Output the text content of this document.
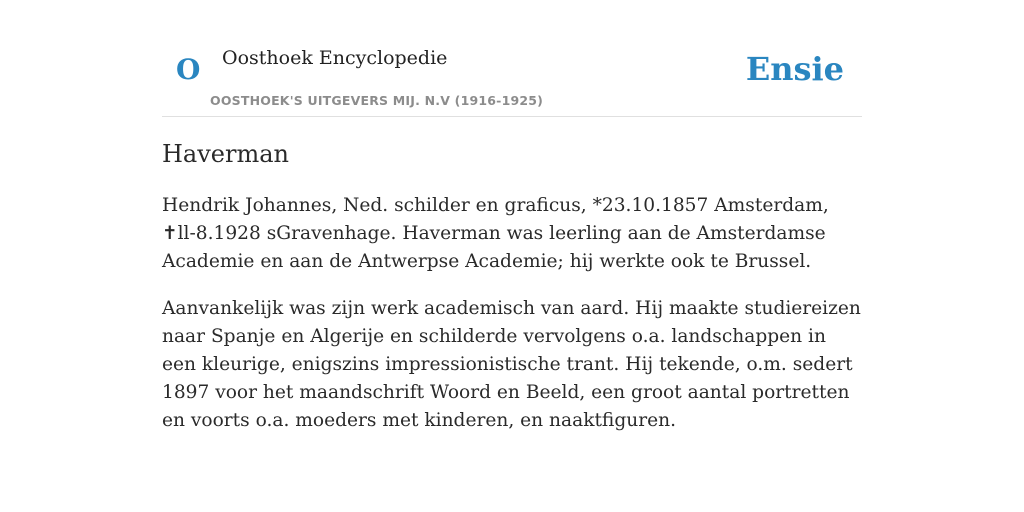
O Oosthoek Encyclopedie
OOSTHOEK'S UITGEVERS MIJ. N.V (1916-1925)
Ensie
Haverman

Hendrik Johannes, Ned. schilder en graficus, *23.10.1857 Amsterdam, ✝ll-8.1928 sGravenhage. Haverman was leerling aan de Amsterdamse Academie en aan de Antwerpse Academie; hij werkte ook te Brussel.

Aanvankelijk was zijn werk academisch van aard. Hij maakte studiereizen naar Spanje en Algerije en schilderde vervolgens o.a. landschappen in een kleurige, enigszins impressionistische trant. Hij tekende, o.m. sedert 1897 voor het maandschrift Woord en Beeld, een groot aantal portretten en voorts o.a. moeders met kinderen, en naaktfiguren.
